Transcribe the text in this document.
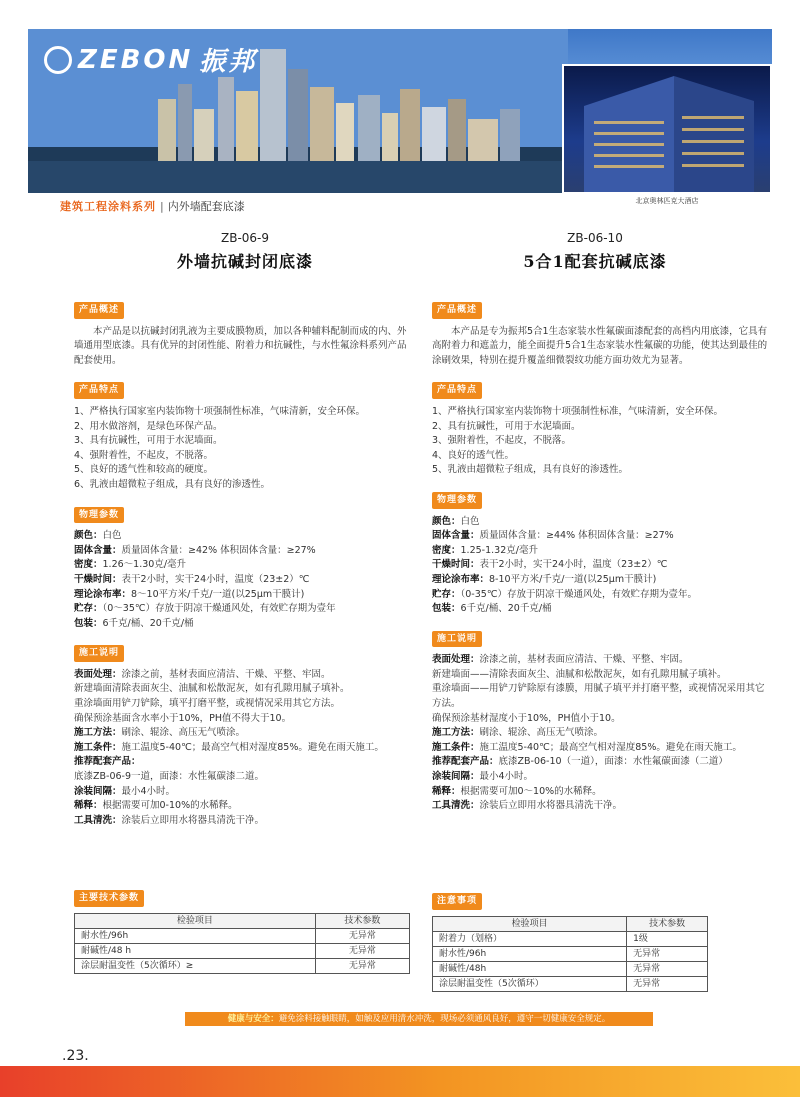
ZEBON 振邦
北京奥林匹克大酒店
建筑工程涂料系列 | 内外墙配套底漆
ZB-06-9
外墙抗碱封闭底漆
ZB-06-10
5合1配套抗碱底漆
产品概述

本产品是以抗碱封闭乳液为主要成膜物质，加以各种辅料配制而成的内、外墙通用型底漆。具有优异的封闭性能、附着力和抗碱性，与水性氟涂料系列产品配套使用。

产品特点
1、严格执行国家室内装饰物十项强制性标准，气味清新，安全环保。
2、用水做溶剂，是绿色环保产品。
3、具有抗碱性，可用于水泥墙面。
4、强附着性，不起皮，不脱落。
5、良好的透气性和较高的硬度。
6、乳液由超微粒子组成，具有良好的渗透性。
物理参数
颜色：白色
固体含量：质量固体含量：≥42% 体积固体含量：≥27%
密度：1.26～1.30克/毫升
干燥时间：表干2小时，实干24小时，温度（23±2）℃
理论涂布率：8～10平方米/千克/一道(以25μm干膜计)
贮存：（0～35℃）存放于阴凉干燥通风处，有效贮存期为壹年
包装：6千克/桶、20千克/桶
施工说明
表面处理：涂漆之前，基材表面应清洁、干燥、平整、牢固。
新建墙面清除表面灰尘、油腻和松散泥灰，如有孔隙用腻子填补。
重涂墙面用铲刀铲除，填平打磨平整，或视情况采用其它方法。
确保预涂基面含水率小于10%，PH值不得大于10。
施工方法：刷涂、辊涂、高压无气喷涂。
施工条件：施工温度5-40℃；最高空气相对湿度85%。避免在雨天施工。
推荐配套产品：
底漆ZB-06-9一道，面漆：水性氟碳漆二道。
涂装间隔：最小4小时。
稀释：根据需要可加0-10%的水稀释。
工具清洗：涂装后立即用水将器具清洗干净。
主要技术参数
检验项目	技术参数
耐水性/96h	无异常
耐碱性/48 h	无异常
涂层耐温变性（5次循环）≥	无异常
产品概述

本产品是专为振邦5合1生态家装水性氟碳面漆配套的高档内用底漆，它具有高附着力和遮盖力，能全面提升5合1生态家装水性氟碳的功能，使其达到最佳的涂刷效果，特别在提升覆盖细微裂纹功能方面功效尤为显著。

产品特点
1、严格执行国家室内装饰物十项强制性标准，气味清新，安全环保。
2、具有抗碱性，可用于水泥墙面。
3、强附着性，不起皮，不脱落。
4、良好的透气性。
5、乳液由超微粒子组成，具有良好的渗透性。
物理参数
颜色：白色
固体含量：质量固体含量：≥44% 体积固体含量：≥27%
密度：1.25-1.32克/毫升
干燥时间：表干2小时，实干24小时，温度（23±2）℃
理论涂布率：8-10平方米/千克/一道(以25μm干膜计)
贮存：（0-35℃）存放于阴凉干燥通风处，有效贮存期为壹年。
包装：6千克/桶、20千克/桶
施工说明
表面处理：涂漆之前，基材表面应清洁、干燥、平整、牢固。
新建墙面——清除表面灰尘、油腻和松散泥灰，如有孔隙用腻子填补。
重涂墙面——用铲刀铲除原有漆膜，用腻子填平并打磨平整，或视情况采用其它方法。
确保预涂基材湿度小于10%，PH值小于10。
施工方法：刷涂、辊涂、高压无气喷涂。
施工条件：施工温度5-40℃；最高空气相对湿度85%。避免在雨天施工。
推荐配套产品：底漆ZB-06-10（一道），面漆：水性氟碳面漆（二道）
涂装间隔：最小4小时。
稀释：根据需要可加0～10%的水稀释。
工具清洗：涂装后立即用水将器具清洗干净。
注意事项
检验项目	技术参数
附着力（划格）	1级
耐水性/96h	无异常
耐碱性/48h	无异常
涂层耐温变性（5次循环）	无异常
健康与安全：避免涂料接触眼睛，如触及应用清水冲洗，现场必须通风良好，遵守一切健康安全规定。
.23.
